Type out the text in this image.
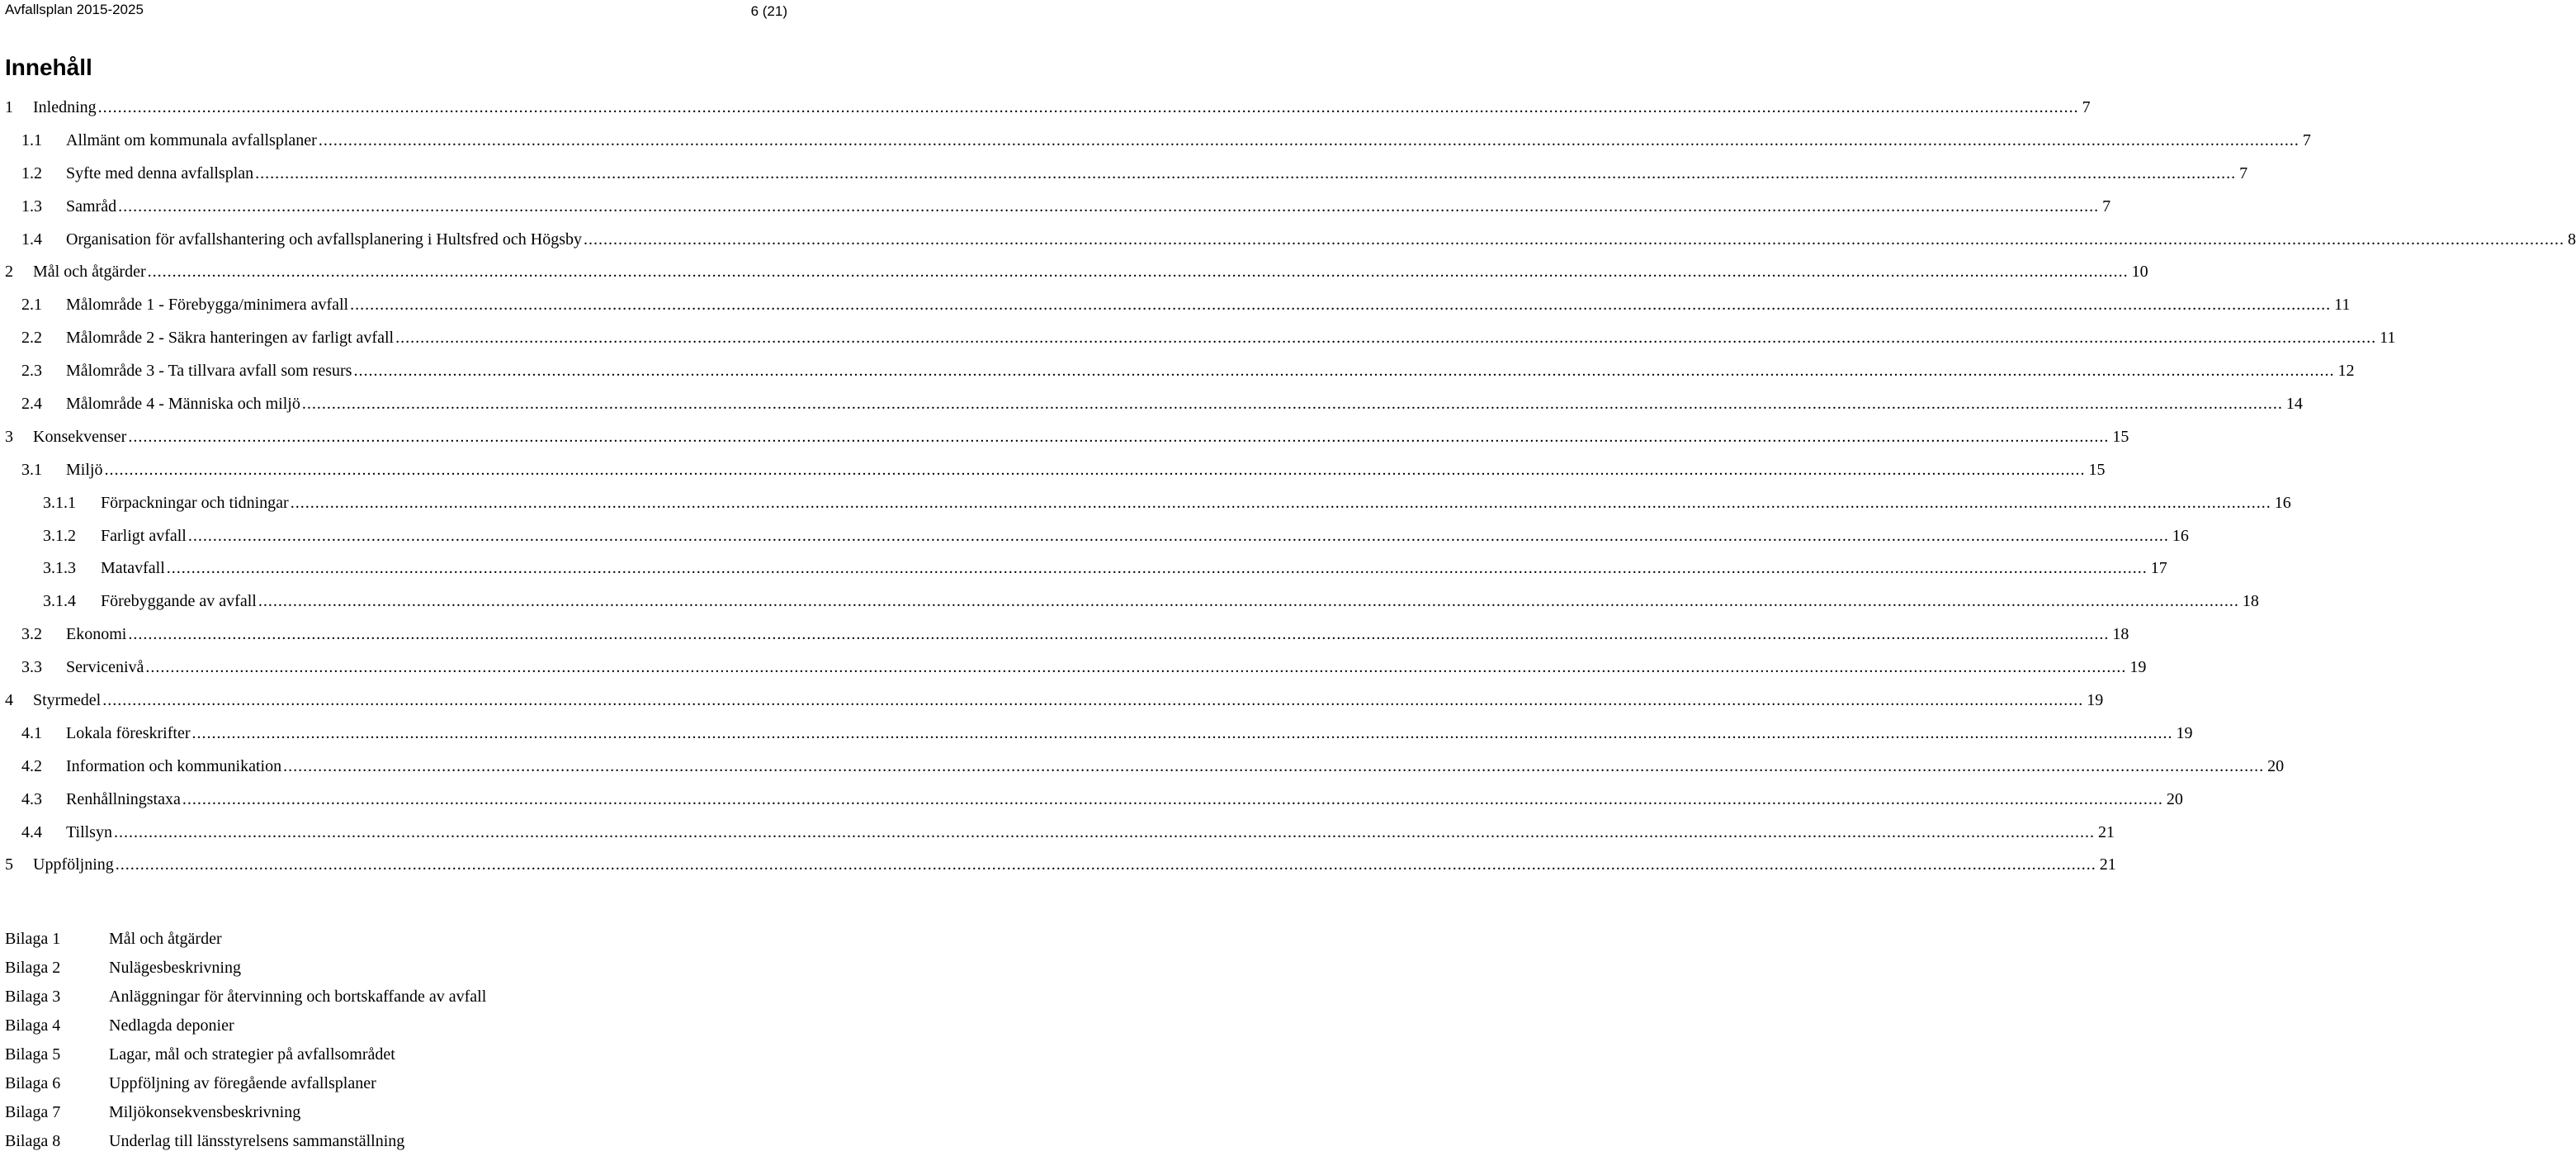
Avfallsplan 2015-2025	6 (21)
Innehåll
1 Inledning ................................................................................................................................................................................................................................................................................................................................................................................................................ 7
1.1 Allmänt om kommunala avfallsplaner ................................................................................................................................................................................................................................................................................................................................................................................................................ 7
1.2 Syfte med denna avfallsplan ................................................................................................................................................................................................................................................................................................................................................................................................................ 7
1.3 Samråd ................................................................................................................................................................................................................................................................................................................................................................................................................ 7
1.4 Organisation för avfallshantering och avfallsplanering i Hultsfred och Högsby ................................................................................................................................................................................................................................................................................................................................................................................................................ 8
2 Mål och åtgärder ................................................................................................................................................................................................................................................................................................................................................................................................................ 10
2.1 Målområde 1 - Förebygga/minimera avfall ................................................................................................................................................................................................................................................................................................................................................................................................................ 11
2.2 Målområde 2 - Säkra hanteringen av farligt avfall ................................................................................................................................................................................................................................................................................................................................................................................................................ 11
2.3 Målområde 3 - Ta tillvara avfall som resurs ................................................................................................................................................................................................................................................................................................................................................................................................................ 12
2.4 Målområde 4 - Människa och miljö ................................................................................................................................................................................................................................................................................................................................................................................................................ 14
3 Konsekvenser ................................................................................................................................................................................................................................................................................................................................................................................................................ 15
3.1 Miljö ................................................................................................................................................................................................................................................................................................................................................................................................................ 15
3.1.1 Förpackningar och tidningar ................................................................................................................................................................................................................................................................................................................................................................................................................ 16
3.1.2 Farligt avfall ................................................................................................................................................................................................................................................................................................................................................................................................................ 16
3.1.3 Matavfall ................................................................................................................................................................................................................................................................................................................................................................................................................ 17
3.1.4 Förebyggande av avfall ................................................................................................................................................................................................................................................................................................................................................................................................................ 18
3.2 Ekonomi ................................................................................................................................................................................................................................................................................................................................................................................................................ 18
3.3 Servicenivå ................................................................................................................................................................................................................................................................................................................................................................................................................ 19
4 Styrmedel ................................................................................................................................................................................................................................................................................................................................................................................................................ 19
4.1 Lokala föreskrifter ................................................................................................................................................................................................................................................................................................................................................................................................................ 19
4.2 Information och kommunikation ................................................................................................................................................................................................................................................................................................................................................................................................................ 20
4.3 Renhållningstaxa ................................................................................................................................................................................................................................................................................................................................................................................................................ 20
4.4 Tillsyn ................................................................................................................................................................................................................................................................................................................................................................................................................ 21
5 Uppföljning ................................................................................................................................................................................................................................................................................................................................................................................................................ 21
Bilaga 1	Mål och åtgärder
Bilaga 2	Nulägesbeskrivning
Bilaga 3	Anläggningar för återvinning och bortskaffande av avfall
Bilaga 4	Nedlagda deponier
Bilaga 5	Lagar, mål och strategier på avfallsområdet
Bilaga 6	Uppföljning av föregående avfallsplaner
Bilaga 7	Miljökonsekvensbeskrivning
Bilaga 8	Underlag till länsstyrelsens sammanställning
